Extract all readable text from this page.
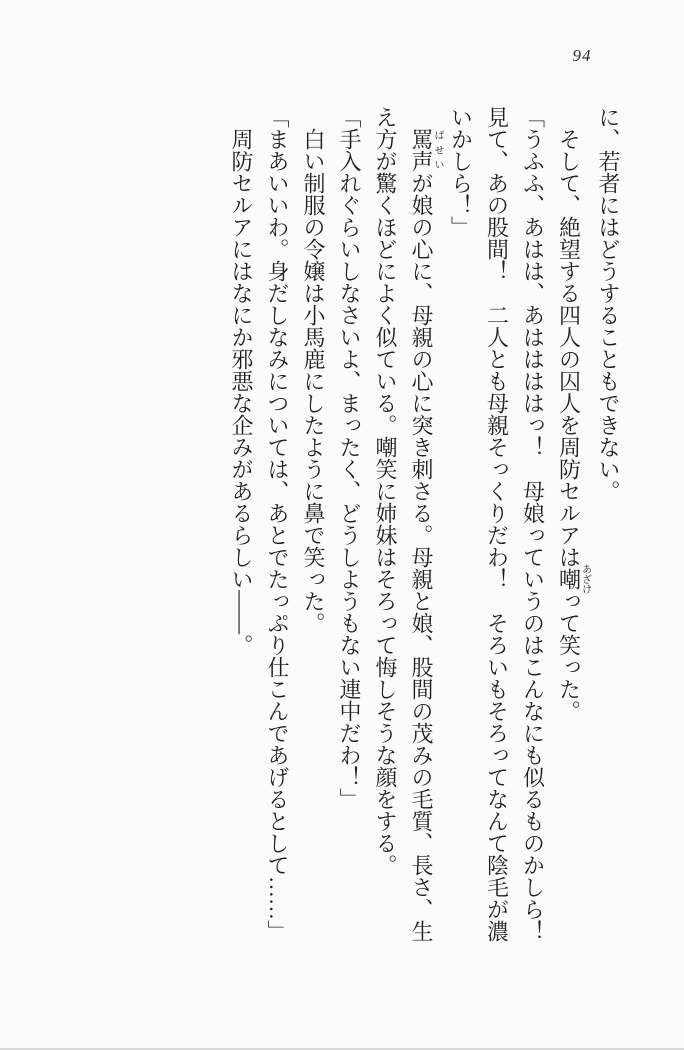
94
に、若者にはどうすることもできない。
そして、絶望する四人の囚人を周防セルアは嘲あざけって笑った。
「うふふ、あはは、あははははっ！　母娘っていうのはこんなにも似るものかしら！
見て、あの股間！　二人とも母親そっくりだわ！　そろいもそろってなんて陰毛が濃
いかしら！」
罵声ばせいが娘の心に、母親の心に突き刺さる。母親と娘、股間の茂みの毛質、長さ、生
え方が驚くほどによく似ている。嘲笑に姉妹はそろって悔しそうな顔をする。
「手入れぐらいしなさいよ、まったく、どうしようもない連中だわ！」
白い制服の令嬢は小馬鹿にしたように鼻で笑った。
「まあいいわ。身だしなみについては、あとでたっぷり仕こんであげるとして……」
周防セルアにはなにか邪悪な企みがあるらしい――。
